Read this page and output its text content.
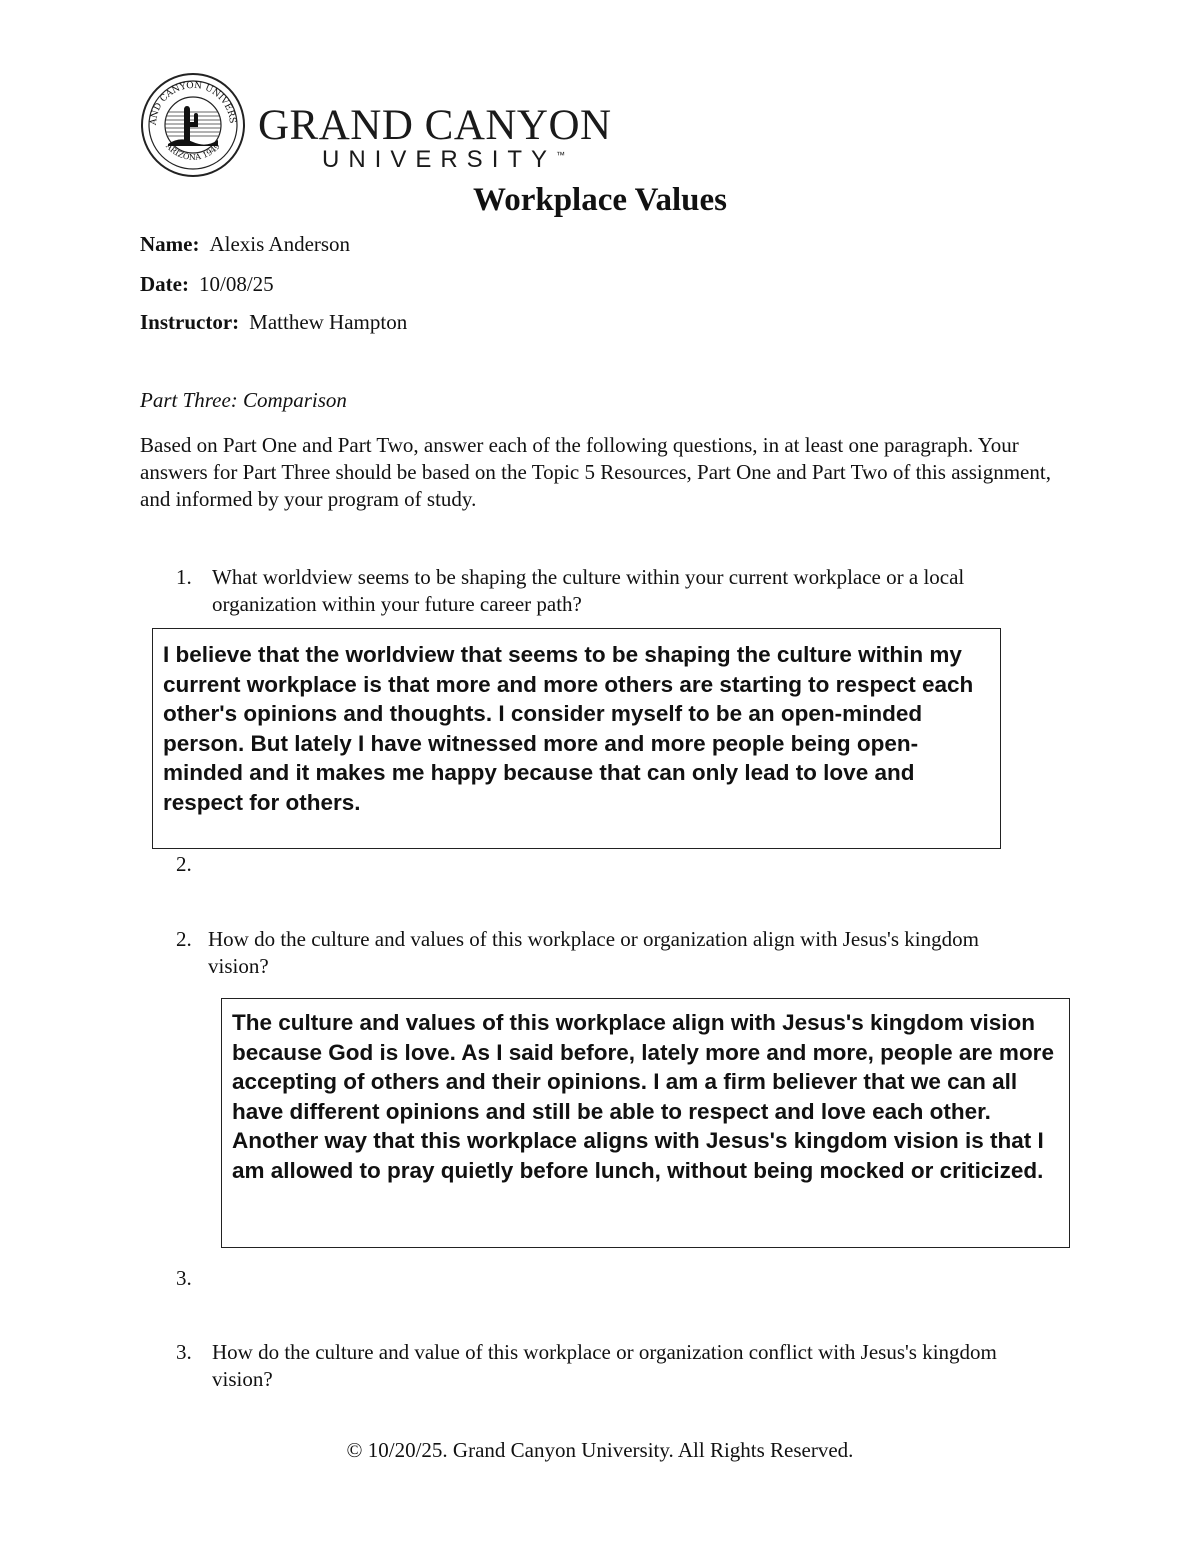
AND CANYON UNIVERS
ARIZONA 1949 GRAND CANYON
UNIVERSITY™
Workplace Values
Name: Alexis Anderson
Date: 10/08/25
Instructor: Matthew Hampton
Part Three: Comparison
Based on Part One and Part Two, answer each of the following questions, in at least one paragraph. Your answers for Part Three should be based on the Topic 5 Resources, Part One and Part Two of this assignment, and informed by your program of study.
1. What worldview seems to be shaping the culture within your current workplace or a local organization within your future career path?
I believe that the worldview that seems to be shaping the culture within my current workplace is that more and more others are starting to respect each other's opinions and thoughts. I consider myself to be an open-minded person. But lately I have witnessed more and more people being open-minded and it makes me happy because that can only lead to love and respect for others.
2.
2. How do the culture and values of this workplace or organization align with Jesus's kingdom vision?
The culture and values of this workplace align with Jesus's kingdom vision because God is love. As I said before, lately more and more, people are more accepting of others and their opinions. I am a firm believer that we can all have different opinions and still be able to respect and love each other. Another way that this workplace aligns with Jesus's kingdom vision is that I am allowed to pray quietly before lunch, without being mocked or criticized.
3.
3. How do the culture and value of this workplace or organization conflict with Jesus's kingdom vision?
© 10/20/25. Grand Canyon University. All Rights Reserved.
